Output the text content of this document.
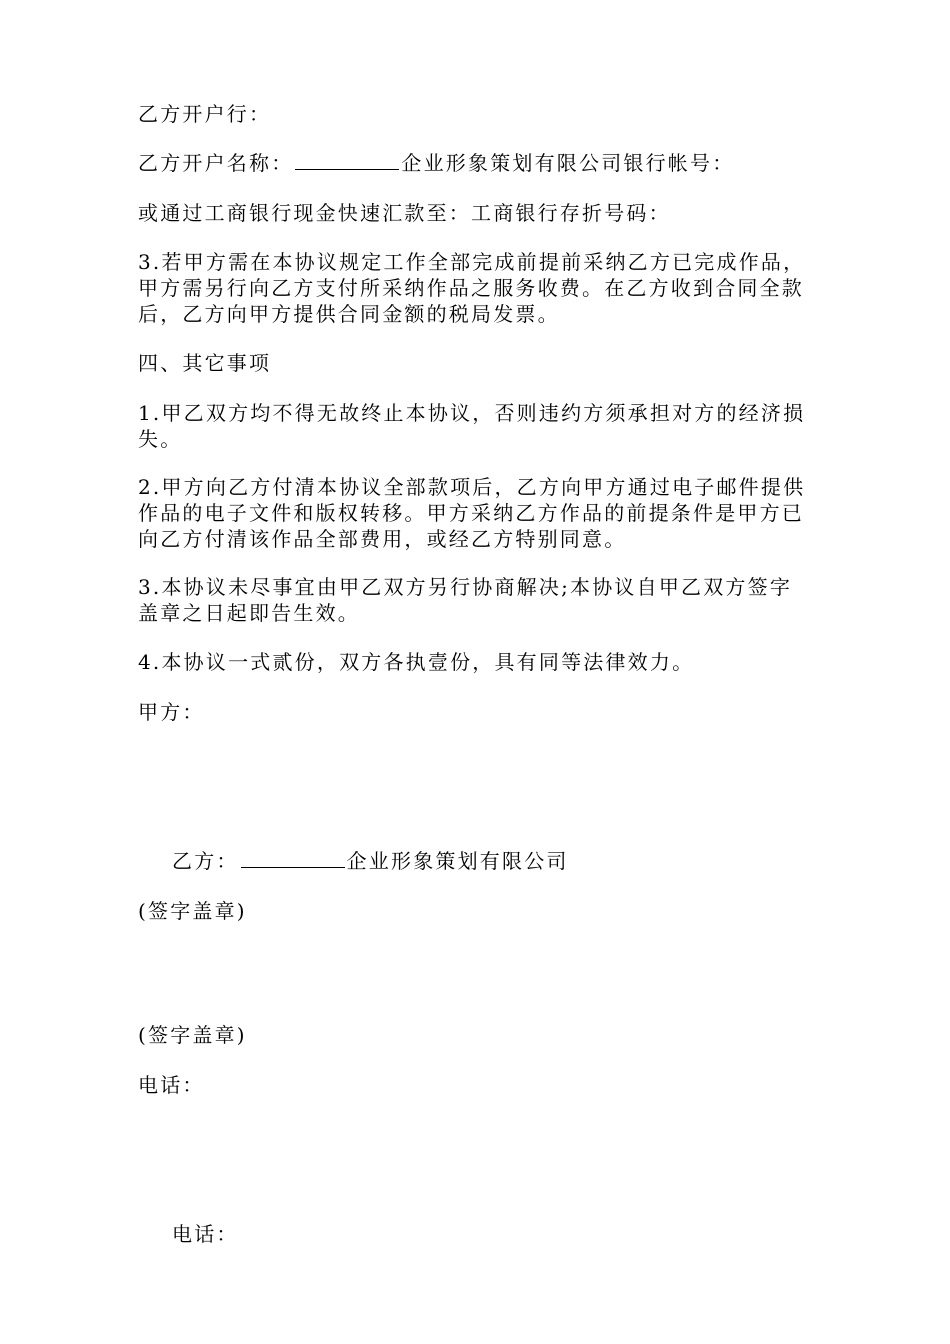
乙方开户行：
乙方开户名称：	企业形象策划有限公司银行帐号：
或通过工商银行现金快速汇款至：工商银行存折号码：
3.若甲方需在本协议规定工作全部完成前提前采纳乙方已完成作品，
甲方需另行向乙方支付所采纳作品之服务收费。在乙方收到合同全款
后，乙方向甲方提供合同金额的税局发票。
四、其它事项
1.甲乙双方均不得无故终止本协议，否则违约方须承担对方的经济损
失。
2.甲方向乙方付清本协议全部款项后，乙方向甲方通过电子邮件提供
作品的电子文件和版权转移。甲方采纳乙方作品的前提条件是甲方已
向乙方付清该作品全部费用，或经乙方特别同意。
3.本协议未尽事宜由甲乙双方另行协商解决;本协议自甲乙双方签字
盖章之日起即告生效。
4.本协议一式贰份，双方各执壹份，具有同等法律效力。
甲方：
乙方：	企业形象策划有限公司
(签字盖章)
(签字盖章)
电话：
电话：
